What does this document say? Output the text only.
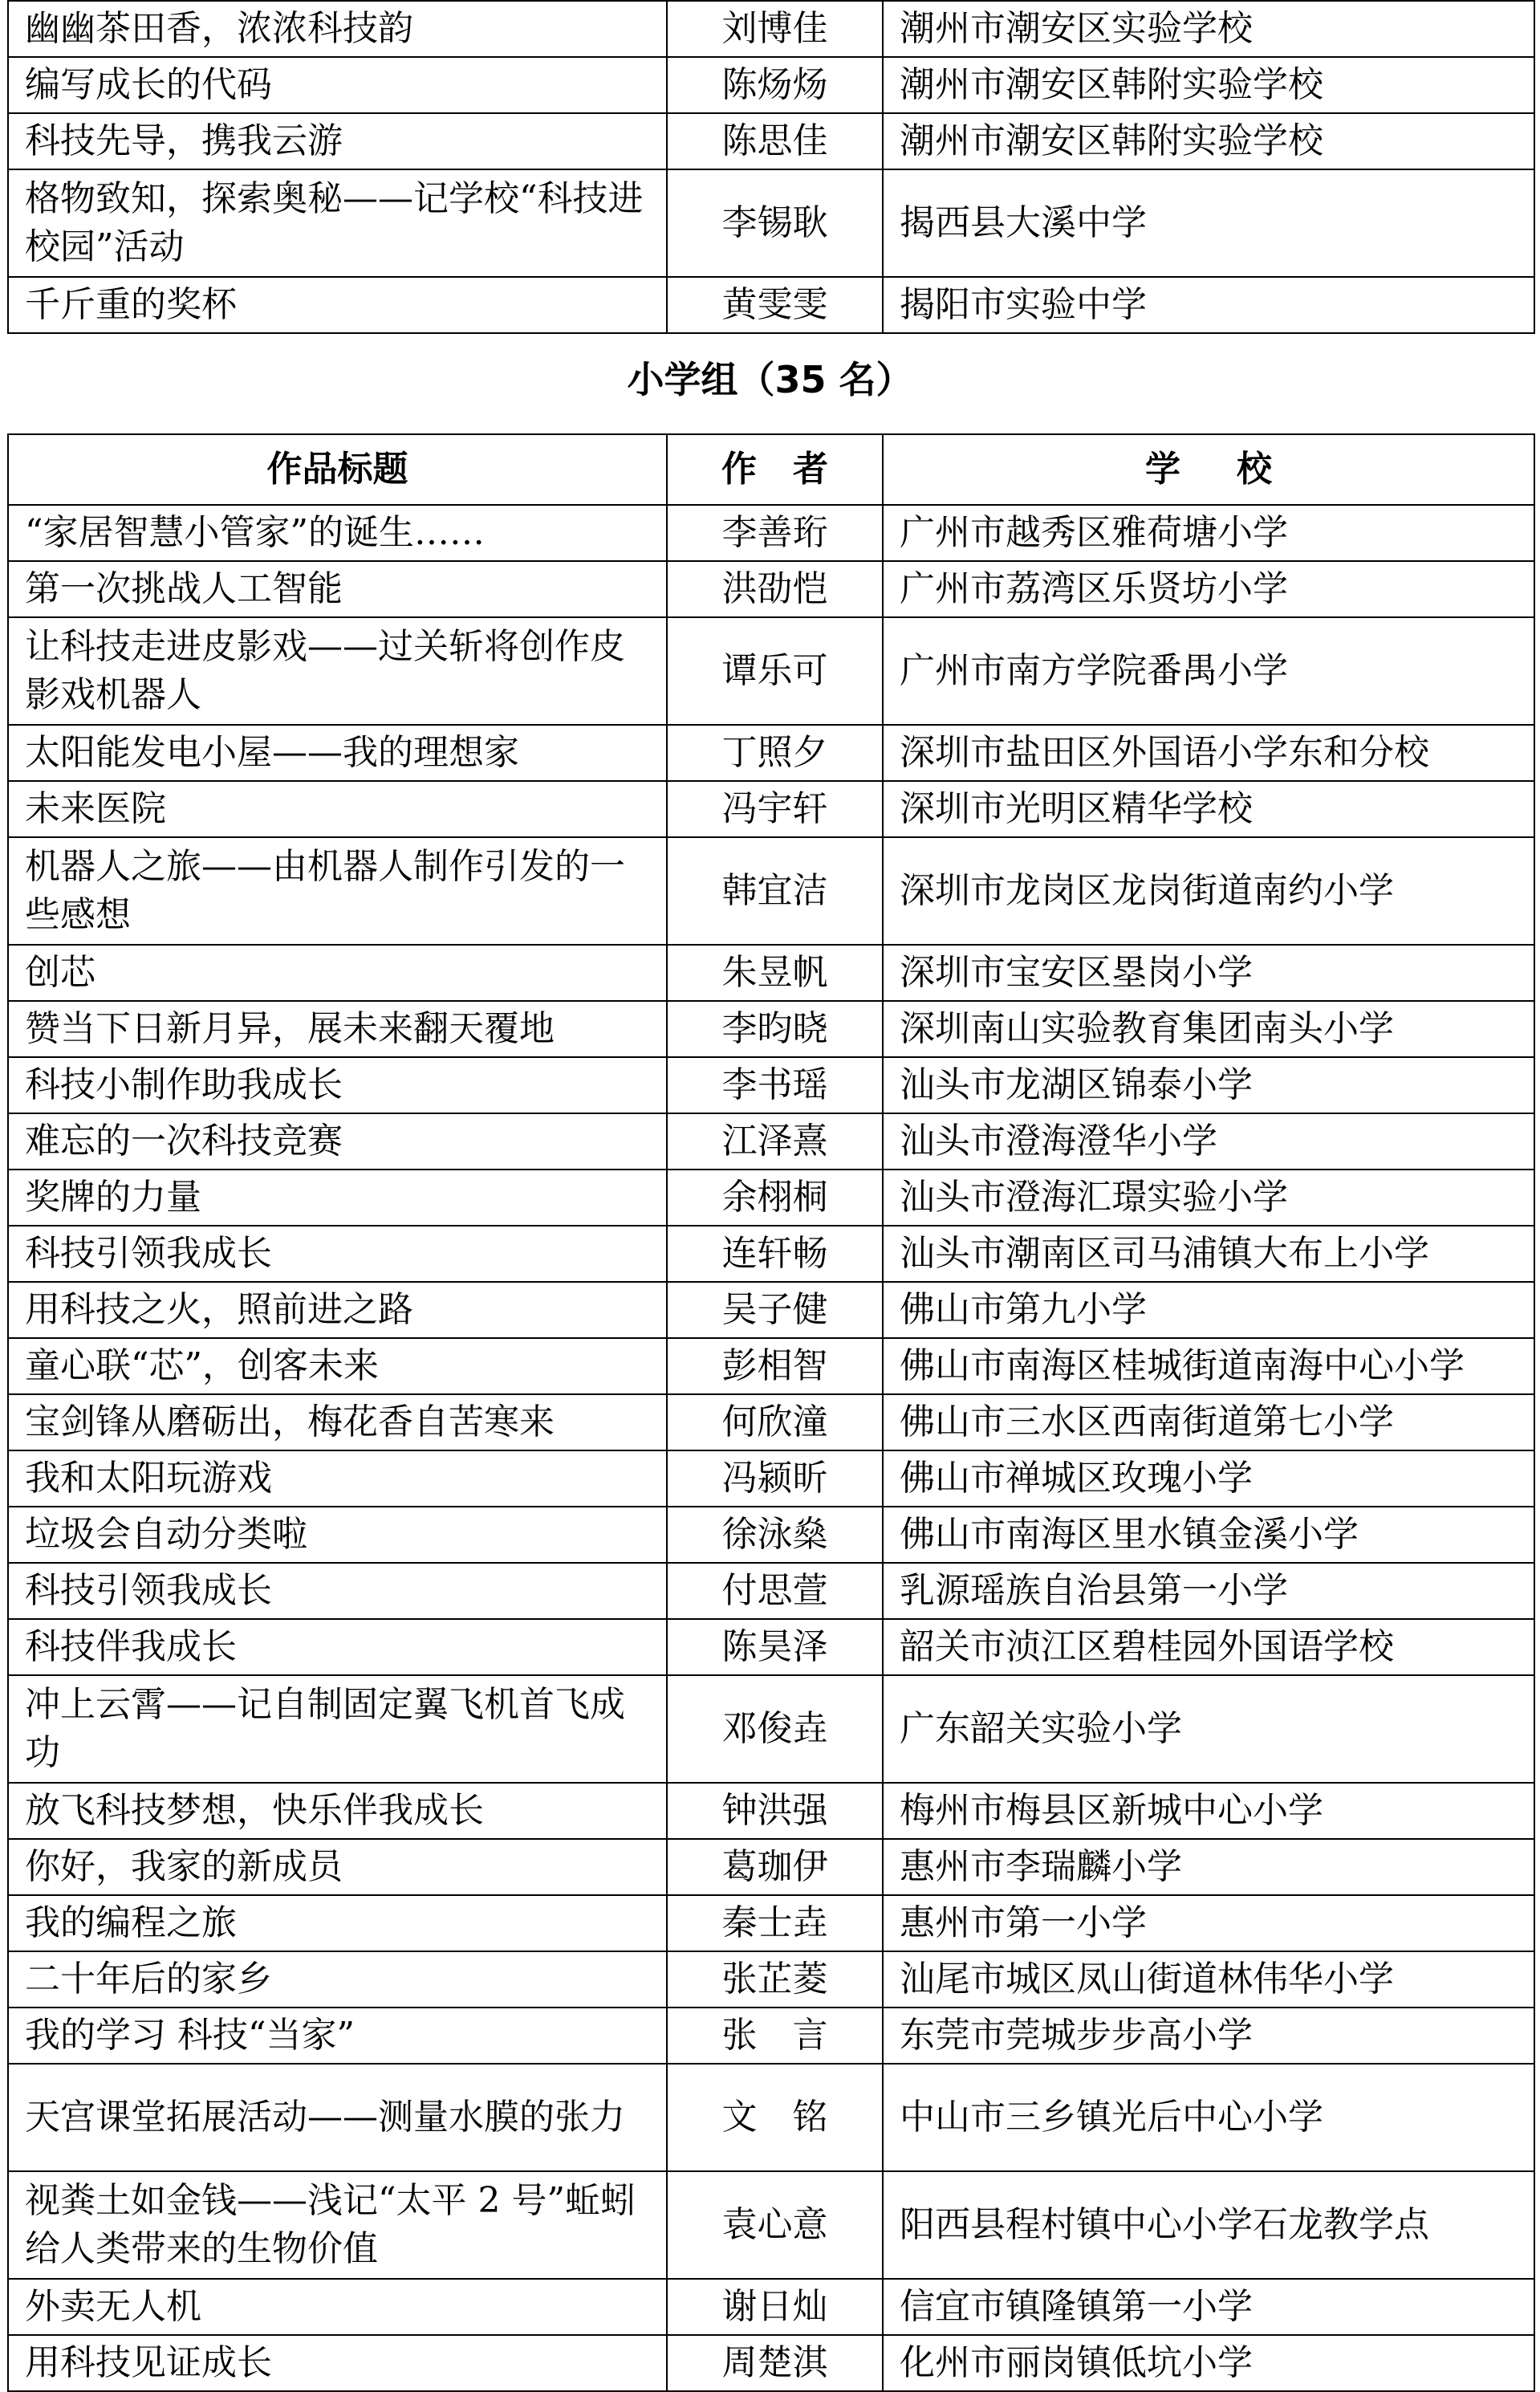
幽幽茶田香，浓浓科技韵	刘博佳	潮州市潮安区实验学校
编写成长的代码	陈炀炀	潮州市潮安区韩附实验学校
科技先导，携我云游	陈思佳	潮州市潮安区韩附实验学校
格物致知，探索奥秘——记学校“科技进校园”活动	李锡耿	揭西县大溪中学
千斤重的奖杯	黄雯雯	揭阳市实验中学
小学组（35 名）
作品标题	作者	学校
“家居智慧小管家”的诞生……	李善珩	广州市越秀区雅荷塘小学
第一次挑战人工智能	洪劭恺	广州市荔湾区乐贤坊小学
让科技走进皮影戏——过关斩将创作皮影戏机器人	谭乐可	广州市南方学院番禺小学
太阳能发电小屋——我的理想家	丁照夕	深圳市盐田区外国语小学东和分校
未来医院	冯宇轩	深圳市光明区精华学校
机器人之旅——由机器人制作引发的一些感想	韩宜洁	深圳市龙岗区龙岗街道南约小学
创芯	朱昱帆	深圳市宝安区塁岗小学
赞当下日新月异，展未来翻天覆地	李昀晓	深圳南山实验教育集团南头小学
科技小制作助我成长	李书瑶	汕头市龙湖区锦泰小学
难忘的一次科技竞赛	江泽熹	汕头市澄海澄华小学
奖牌的力量	余栩桐	汕头市澄海汇璟实验小学
科技引领我成长	连轩畅	汕头市潮南区司马浦镇大布上小学
用科技之火，照前进之路	吴子健	佛山市第九小学
童心联“芯”，创客未来	彭相智	佛山市南海区桂城街道南海中心小学
宝剑锋从磨砺出，梅花香自苦寒来	何欣潼	佛山市三水区西南街道第七小学
我和太阳玩游戏	冯颍昕	佛山市禅城区玫瑰小学
垃圾会自动分类啦	徐泳燊	佛山市南海区里水镇金溪小学
科技引领我成长	付思萱	乳源瑶族自治县第一小学
科技伴我成长	陈昊泽	韶关市浈江区碧桂园外国语学校
冲上云霄——记自制固定翼飞机首飞成功	邓俊垚	广东韶关实验小学
放飞科技梦想，快乐伴我成长	钟洪强	梅州市梅县区新城中心小学
你好，我家的新成员	葛珈伊	惠州市李瑞麟小学
我的编程之旅	秦士垚	惠州市第一小学
二十年后的家乡	张芷菱	汕尾市城区凤山街道林伟华小学
我的学习 科技“当家”	张　言	东莞市莞城步步高小学
天宫课堂拓展活动——测量水膜的张力	文　铭	中山市三乡镇光后中心小学
视粪土如金钱——浅记“太平 2 号”蚯蚓给人类带来的生物价值	袁心意	阳西县程村镇中心小学石龙教学点
外卖无人机	谢日灿	信宜市镇隆镇第一小学
用科技见证成长	周楚淇	化州市丽岗镇低坑小学
